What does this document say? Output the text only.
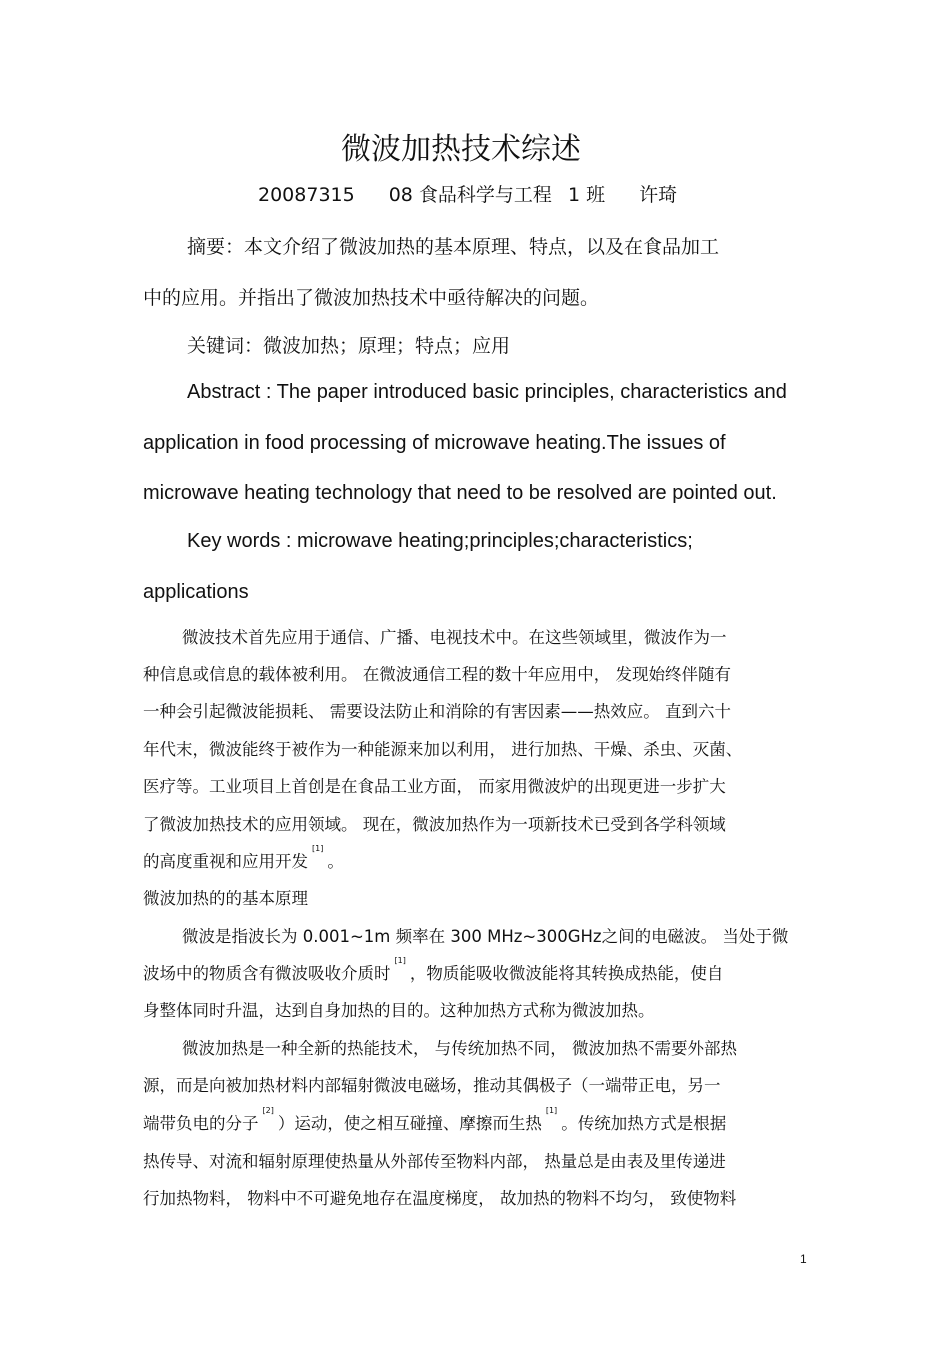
微波加热技术综述
20087315 08 食品科学与工程 1 班 许琦
摘要：本文介绍了微波加热的基本原理、特点，以及在食品加工
中的应用。并指出了微波加热技术中亟待解决的问题。
关键词：微波加热；原理；特点；应用
Abstract : The paper introduced basic principles, characteristics and
application in food processing of microwave heating.The issues of
microwave heating technology that need to be resolved are pointed out.
Key words : microwave heating;principles;characteristics;
applications
微波技术首先应用于通信、广播、电视技术中。在这些领域里，微波作为一
种信息或信息的载体被利用。 在微波通信工程的数十年应用中， 发现始终伴随有
一种会引起微波能损耗、 需要设法防止和消除的有害因素——热效应。 直到六十
年代末，微波能终于被作为一种能源来加以利用， 进行加热、干燥、杀虫、灭菌、
医疗等。工业项目上首创是在食品工业方面， 而家用微波炉的出现更进一步扩大
了微波加热技术的应用领域。 现在，微波加热作为一项新技术已受到各学科领域
的高度重视和应用开发[1]。
微波加热的的基本原理
微波是指波长为 0.001~1m 频率在 300 MHz~300GHz之间的电磁波。 当处于微
波场中的物质含有微波吸收介质时[1]，物质能吸收微波能将其转换成热能，使自
身整体同时升温，达到自身加热的目的。这种加热方式称为微波加热。
微波加热是一种全新的热能技术， 与传统加热不同， 微波加热不需要外部热
源，而是向被加热材料内部辐射微波电磁场，推动其偶极子（一端带正电，另一
端带负电的分子[2]）运动，使之相互碰撞、摩擦而生热[1]。传统加热方式是根据
热传导、对流和辐射原理使热量从外部传至物料内部， 热量总是由表及里传递进
行加热物料， 物料中不可避免地存在温度梯度， 故加热的物料不均匀， 致使物料
1
